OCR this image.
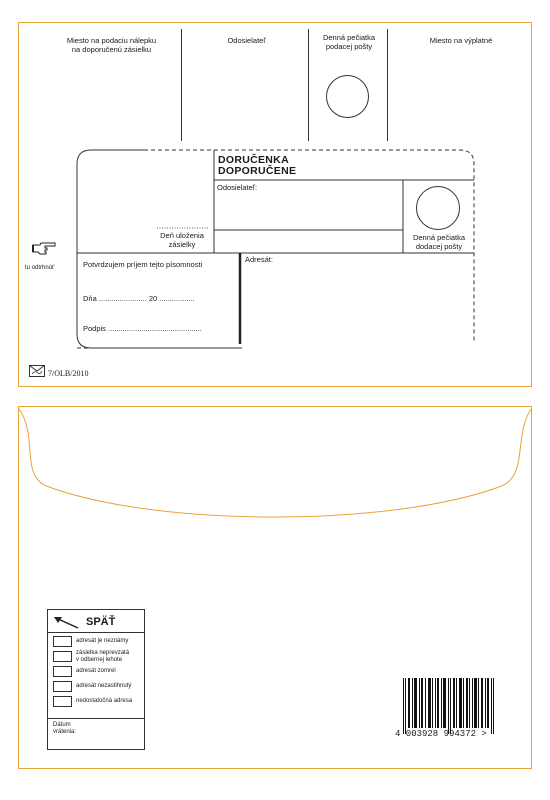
Miesto na podaciu nálepku
na doporučenú zásielku
Odosielateľ	Denná pečiatka
podacej pošty
Miesto na výplatné
DORUČENKA
DOPORUČENE
Odosielateľ:
Deň uloženia
zásielky
Denná pečiatka
dodacej pošty
Potvrdzujem príjem tejto písomnosti
Dňa ....................... 20 .................
Podpis .............................................
Adresát:
tu odtrhnúť
7/OLB/2010
SPÄŤ
adresát je neznámy
zásielka neprevzatá
v odbernej lehote
adresát zomrel
adresát nezastihnutý
nedostatočná adresa
Dátum
vrátenia:	4 003928 994372 >
